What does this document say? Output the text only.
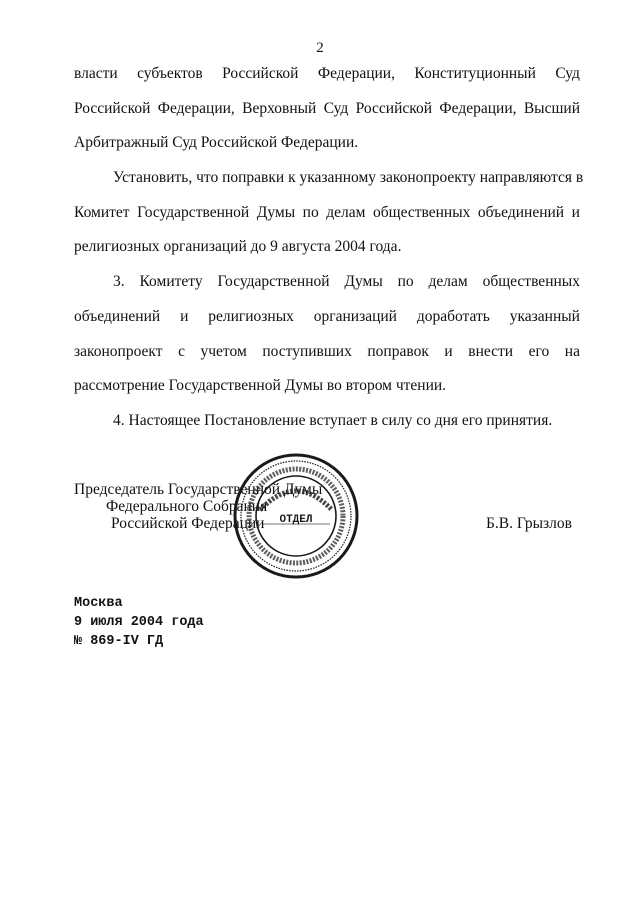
2
власти субъектов Российской Федерации, Конституционный Суд
Российской Федерации, Верховный Суд Российской Федерации, Высший
Арбитражный Суд Российской Федерации.
Установить, что поправки к указанному законопроекту направляются в
Комитет Государственной Думы по делам общественных объединений и
религиозных организаций до 9 августа 2004 года.
3. Комитету Государственной Думы по делам общественных
объединений и религиозных организаций доработать указанный
законопроект с учетом поступивших поправок и внести его на
рассмотрение Государственной Думы во втором чтении.
4. Настоящее Постановление вступает в силу со дня его принятия.
Председатель Государственной Думы
Федерального Собрания
Российской Федерации	Б.В. Грызлов
ОТДЕЛ
Москва
9 июля 2004 года
№ 869-IV ГД
